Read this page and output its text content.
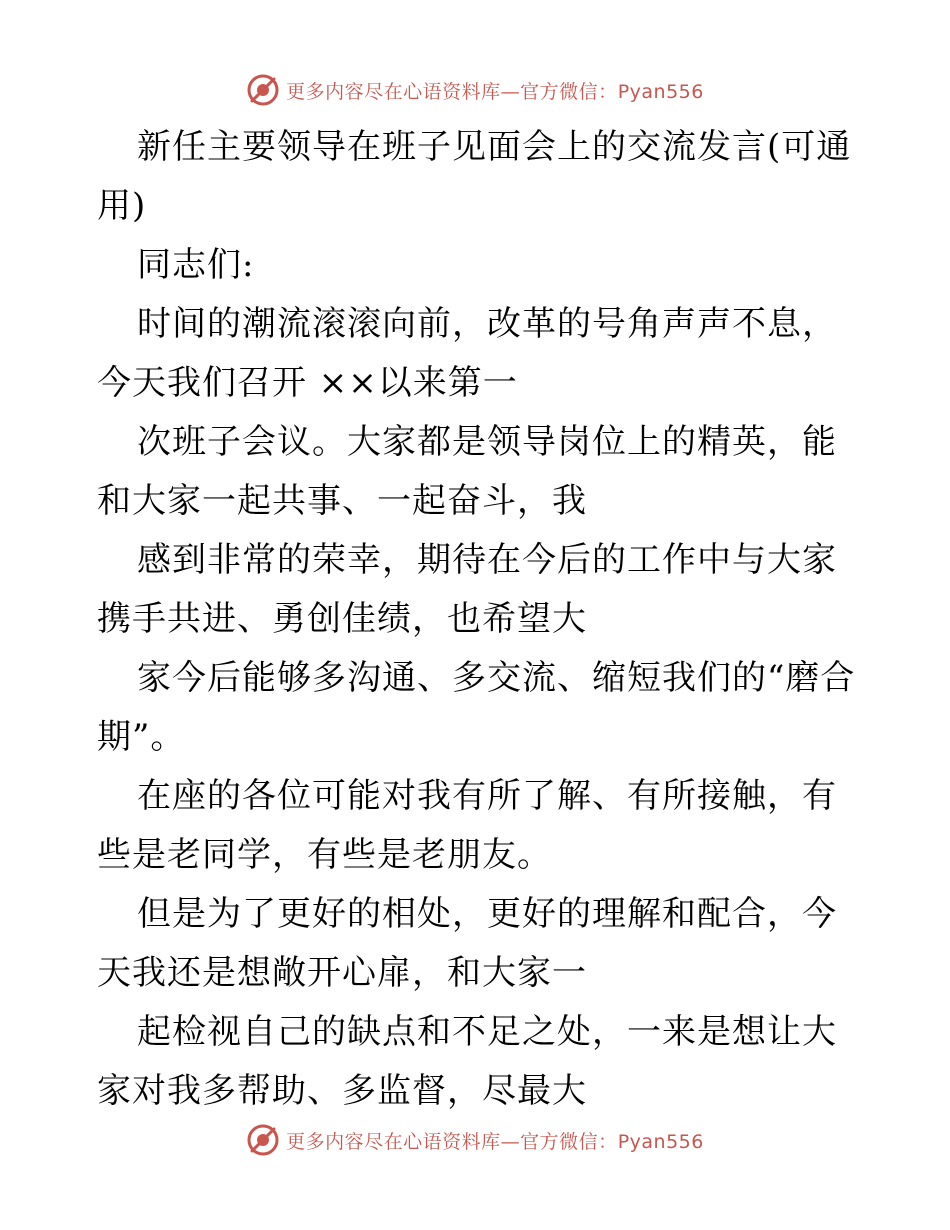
更多内容尽在心语资料库—官方微信：Pyan556

新任主要领导在班子见面会上的交流发言(可通用)

同志们:

时间的潮流滚滚向前，改革的号角声声不息，今天我们召开 ××以来第一

次班子会议。大家都是领导岗位上的精英，能和大家一起共事、一起奋斗，我

感到非常的荣幸，期待在今后的工作中与大家携手共进、勇创佳绩，也希望大

家今后能够多沟通、多交流、缩短我们的“磨合期”。

在座的各位可能对我有所了解、有所接触，有些是老同学，有些是老朋友。

但是为了更好的相处，更好的理解和配合，今天我还是想敞开心扉，和大家一

起检视自己的缺点和不足之处，一来是想让大家对我多帮助、多监督，尽最大

更多内容尽在心语资料库—官方微信：Pyan556
